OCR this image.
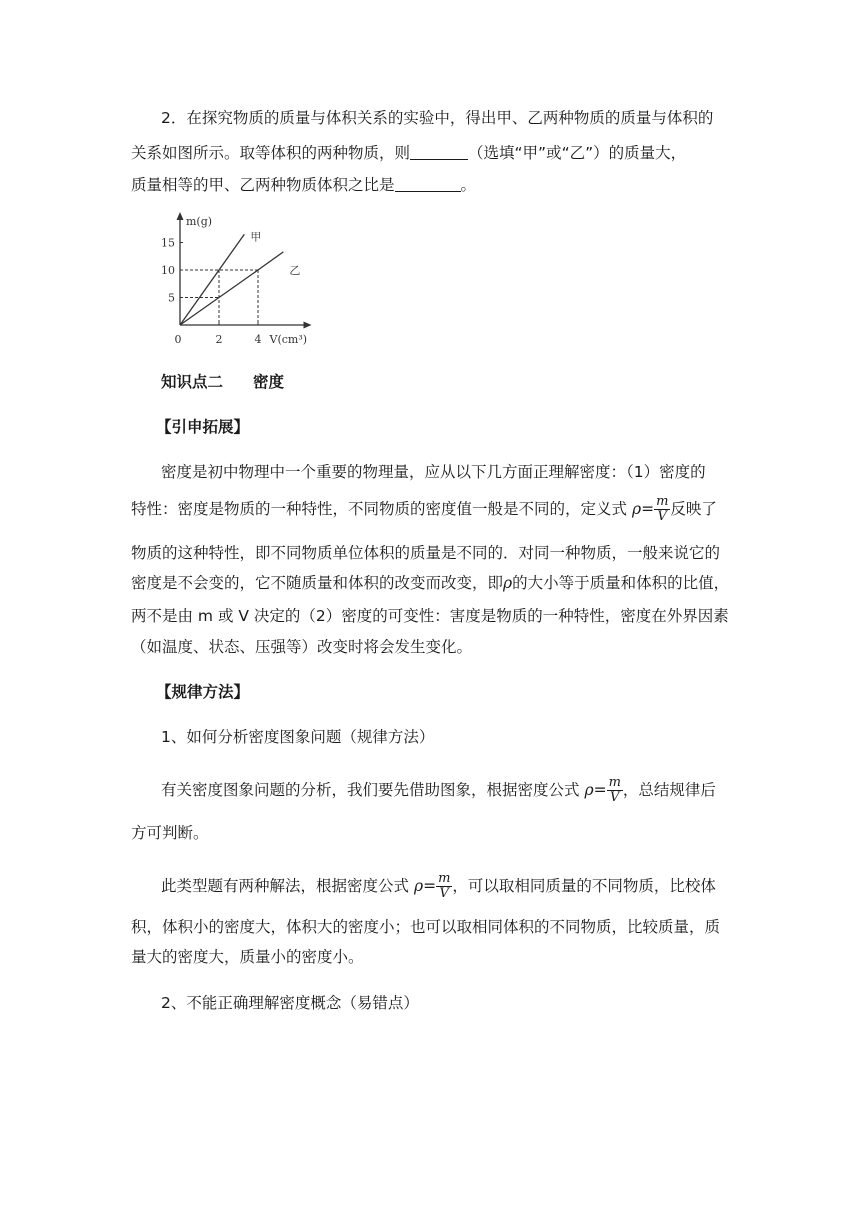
2．在探究物质的质量与体积关系的实验中，得出甲、乙两种物质的质量与体积的
关系如图所示。取等体积的两种物质，则	（选填“甲”或“乙”）的质量大，
质量相等的甲、乙两种物质体积之比是	。
m(g)
V(cm³)
0	2	4
5
10
15	甲
乙
知识点二 密度
【引申拓展】
密度是初中物理中一个重要的物理量，应从以下几方面正理解密度：（1）密度的
特性：密度是物质的一种特性，不同物质的密度值一般是不同的，定义式 $\rho= \frac{m}{V}$ 反映了
物质的这种特性，即不同物质单位体积的质量是不同的．对同一种物质，一般来说它的
密度是不会变的，它不随质量和体积的改变而改变，即ρ的大小等于质量和体积的比值，
两不是由 m 或 V 决定的（2）密度的可变性：害度是物质的一种特性，密度在外界因素
（如温度、状态、压强等）改变时将会发生变化。
【规律方法】
1、如何分析密度图象问题（规律方法）
有关密度图象问题的分析，我们要先借助图象，根据密度公式 $\rho= \frac{m}{V}$ ，总结规律后
方可判断。
此类型题有两种解法，根据密度公式 $\rho= \frac{m}{V}$ ，可以取相同质量的不同物质，比校体
积，体积小的密度大，体积大的密度小；也可以取相同体积的不同物质，比较质量，质
量大的密度大，质量小的密度小。
2、不能正确理解密度概念（易错点）
